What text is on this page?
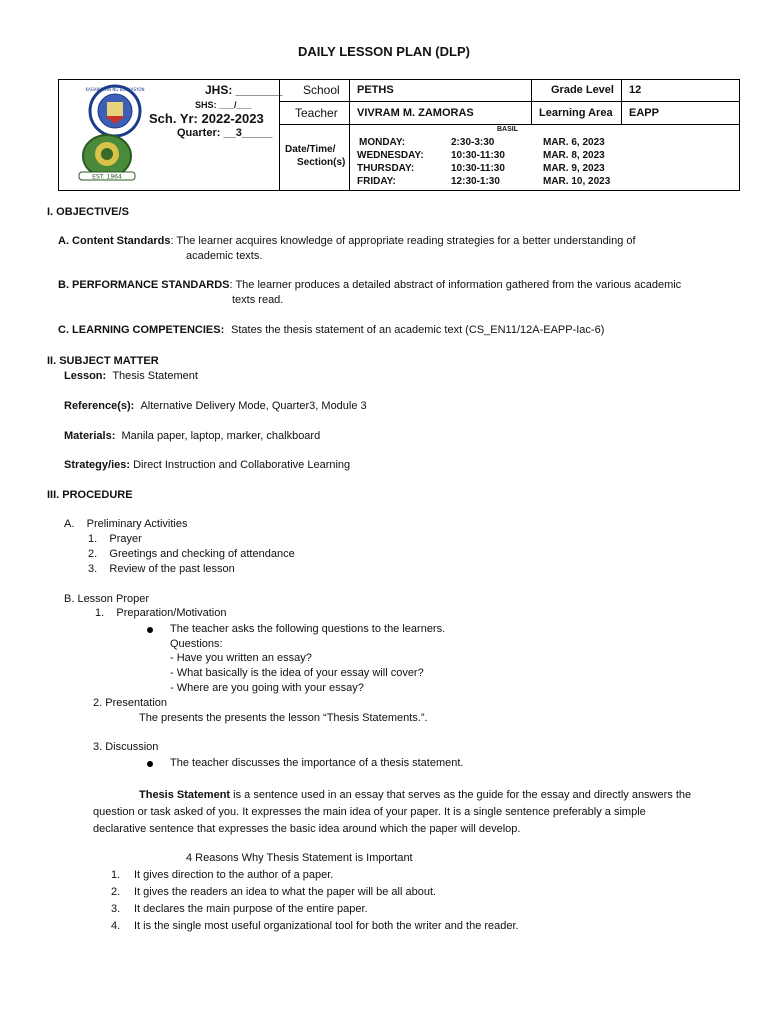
DAILY LESSON PLAN (DLP)
KAGAWARAN NG EDUKASYON
EST. 1964
JHS: _______
SHS: ___/___
Sch. Yr: 2022-2023
Quarter: __3_____
School PETHS	Grade Level 12
Teacher VIVRAM M. ZAMORAS	Learning Area EAPP
Date/Time/
Section(s)
BASIL
MONDAY:	2:30-3:30	MAR. 6, 2023
WEDNESDAY:	10:30-11:30	MAR. 8, 2023
THURSDAY:	10:30-11:30	MAR. 9, 2023
FRIDAY:	12:30-1:30	MAR. 10, 2023
I. OBJECTIVE/S
A. Content Standards: The learner acquires knowledge of appropriate reading strategies for a better understanding of
academic texts.
B. PERFORMANCE STANDARDS: The learner produces a detailed abstract of information gathered from the various academic
texts read.
C. LEARNING COMPETENCIES: States the thesis statement of an academic text (CS_EN11/12A-EAPP-Iac-6)
II. SUBJECT MATTER
Lesson: Thesis Statement
Reference(s): Alternative Delivery Mode, Quarter3, Module 3
Materials: Manila paper, laptop, marker, chalkboard
Strategy/ies: Direct Instruction and Collaborative Learning
III. PROCEDURE
A.    Preliminary Activities
1.    Prayer
2.    Greetings and checking of attendance
3.    Review of the past lesson
B. Lesson Proper
1.    Preparation/Motivation
The teacher asks the following questions to the learners.
Questions:
- Have you written an essay?
- What basically is the idea of your essay will cover?
- Where are you going with your essay?
2. Presentation
The presents the presents the lesson “Thesis Statements.”.
3. Discussion
The teacher discusses the importance of a thesis statement.
Thesis Statement is a sentence used in an essay that serves as the guide for the essay and directly answers the
question or task asked of you. It expresses the main idea of your paper. It is a single sentence preferably a simple
declarative sentence that expresses the basic idea around which the paper will develop.
4 Reasons Why Thesis Statement is Important
1. It gives direction to the author of a paper.
2. It gives the readers an idea to what the paper will be all about.
3. It declares the main purpose of the entire paper.
4. It is the single most useful organizational tool for both the writer and the reader.
